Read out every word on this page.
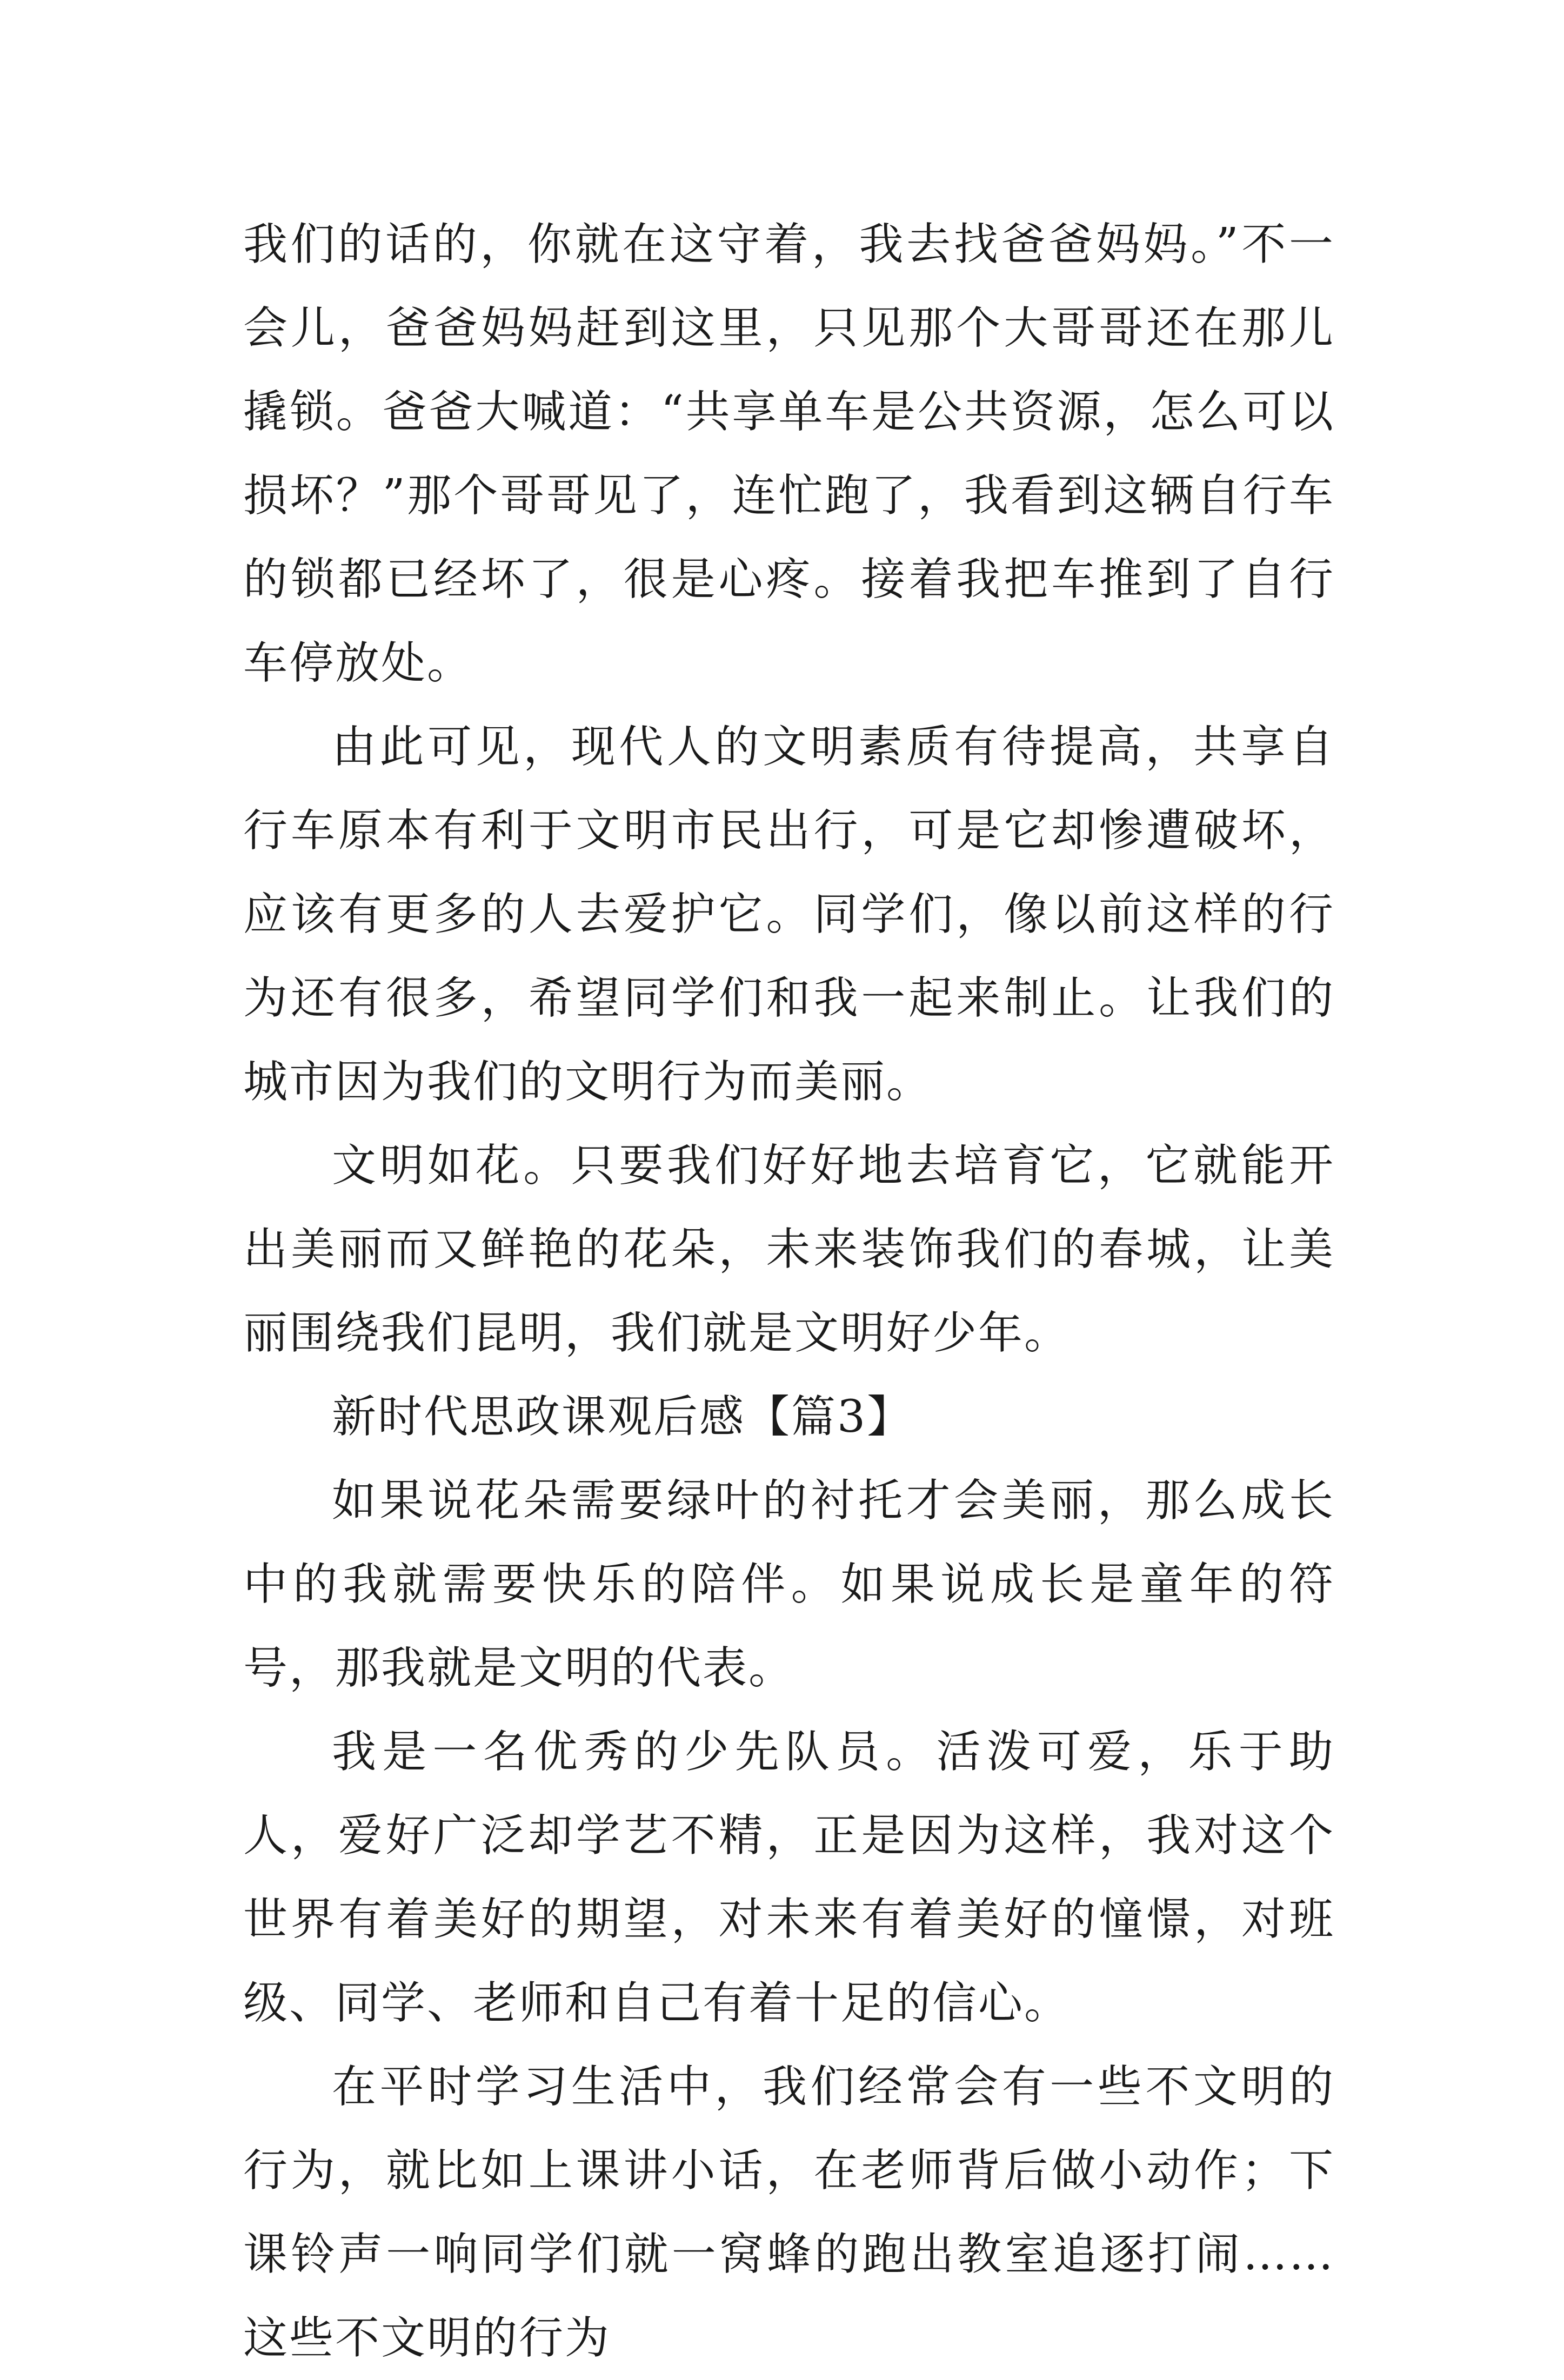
我们的话的，你就在这守着，我去找爸爸妈妈。”不一会儿，爸爸妈妈赶到这里，只见那个大哥哥还在那儿撬锁。爸爸大喊道：“共享单车是公共资源，怎么可以损坏？”那个哥哥见了，连忙跑了，我看到这辆自行车的锁都已经坏了，很是心疼。接着我把车推到了自行车停放处。

由此可见，现代人的文明素质有待提高，共享自行车原本有利于文明市民出行，可是它却惨遭破坏，应该有更多的人去爱护它。同学们，像以前这样的行为还有很多，希望同学们和我一起来制止。让我们的城市因为我们的文明行为而美丽。

文明如花。只要我们好好地去培育它，它就能开出美丽而又鲜艳的花朵，未来装饰我们的春城，让美丽围绕我们昆明，我们就是文明好少年。

新时代思政课观后感【篇3】

如果说花朵需要绿叶的衬托才会美丽，那么成长中的我就需要快乐的陪伴。如果说成长是童年的符号，那我就是文明的代表。

我是一名优秀的少先队员。活泼可爱，乐于助人，爱好广泛却学艺不精，正是因为这样，我对这个世界有着美好的期望，对未来有着美好的憧憬，对班级、同学、老师和自己有着十足的信心。

在平时学习生活中，我们经常会有一些不文明的行为，就比如上课讲小话，在老师背后做小动作；下课铃声一响同学们就一窝蜂的跑出教室追逐打闹……这些不文明的行为
